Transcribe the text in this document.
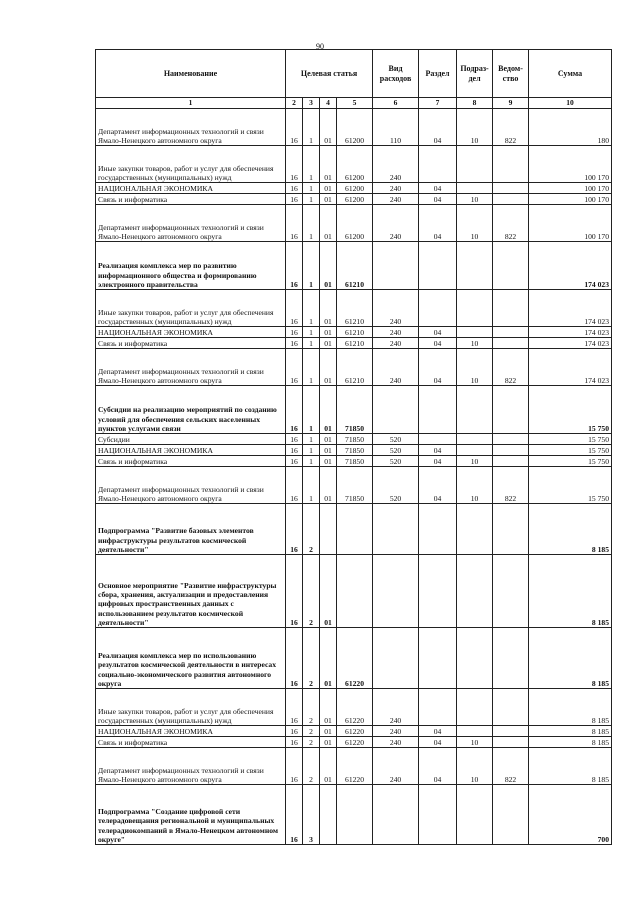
90
Наименование	Целевая статья				Вид расходов	Раздел	Подраз-дел	Ведом-ство	Сумма
1	2	3	4	5	6	7	8	9	10
Департамент информационных технологий и связи Ямало-Ненецкого автономного округа	16	1	01	61200	110	04	10	822	180
Иные закупки товаров, работ и услуг для обеспечения государственных (муниципальных) нужд	16	1	01	61200	240				100 170
НАЦИОНАЛЬНАЯ ЭКОНОМИКА	16	1	01	61200	240	04			100 170
Связь и информатика	16	1	01	61200	240	04	10		100 170
Департамент информационных технологий и связи Ямало-Ненецкого автономного округа	16	1	01	61200	240	04	10	822	100 170
Реализация комплекса мер по развитию информационного общества и формированию электронного правительства	16	1	01	61210					174 023
Иные закупки товаров, работ и услуг для обеспечения государственных (муниципальных) нужд	16	1	01	61210	240				174 023
НАЦИОНАЛЬНАЯ ЭКОНОМИКА	16	1	01	61210	240	04			174 023
Связь и информатика	16	1	01	61210	240	04	10		174 023
Департамент информационных технологий и связи Ямало-Ненецкого автономного округа	16	1	01	61210	240	04	10	822	174 023
Субсидии на реализацию мероприятий по созданию условий для обеспечения сельских населенных пунктов услугами связи	16	1	01	71850					15 750
Субсидии	16	1	01	71850	520				15 750
НАЦИОНАЛЬНАЯ ЭКОНОМИКА	16	1	01	71850	520	04			15 750
Связь и информатика	16	1	01	71850	520	04	10		15 750
Департамент информационных технологий и связи Ямало-Ненецкого автономного округа	16	1	01	71850	520	04	10	822	15 750
Подпрограмма "Развитие базовых элементов инфраструктуры результатов космической деятельности"	16	2							8 185
Основное мероприятие "Развитие инфраструктуры сбора, хранения, актуализации и предоставления цифровых пространственных данных с использованием результатов космической деятельности"	16	2	01						8 185
Реализация комплекса мер по использованию результатов космической деятельности в интересах социально-экономического развития автономного округа	16	2	01	61220					8 185
Иные закупки товаров, работ и услуг для обеспечения государственных (муниципальных) нужд	16	2	01	61220	240				8 185
НАЦИОНАЛЬНАЯ ЭКОНОМИКА	16	2	01	61220	240	04			8 185
Связь и информатика	16	2	01	61220	240	04	10		8 185
Департамент информационных технологий и связи Ямало-Ненецкого автономного округа	16	2	01	61220	240	04	10	822	8 185
Подпрограмма "Создание цифровой сети телерадовещания региональной и муниципальных телерадиокомпаний в Ямало-Ненецком автономном округе"	16	3							700
